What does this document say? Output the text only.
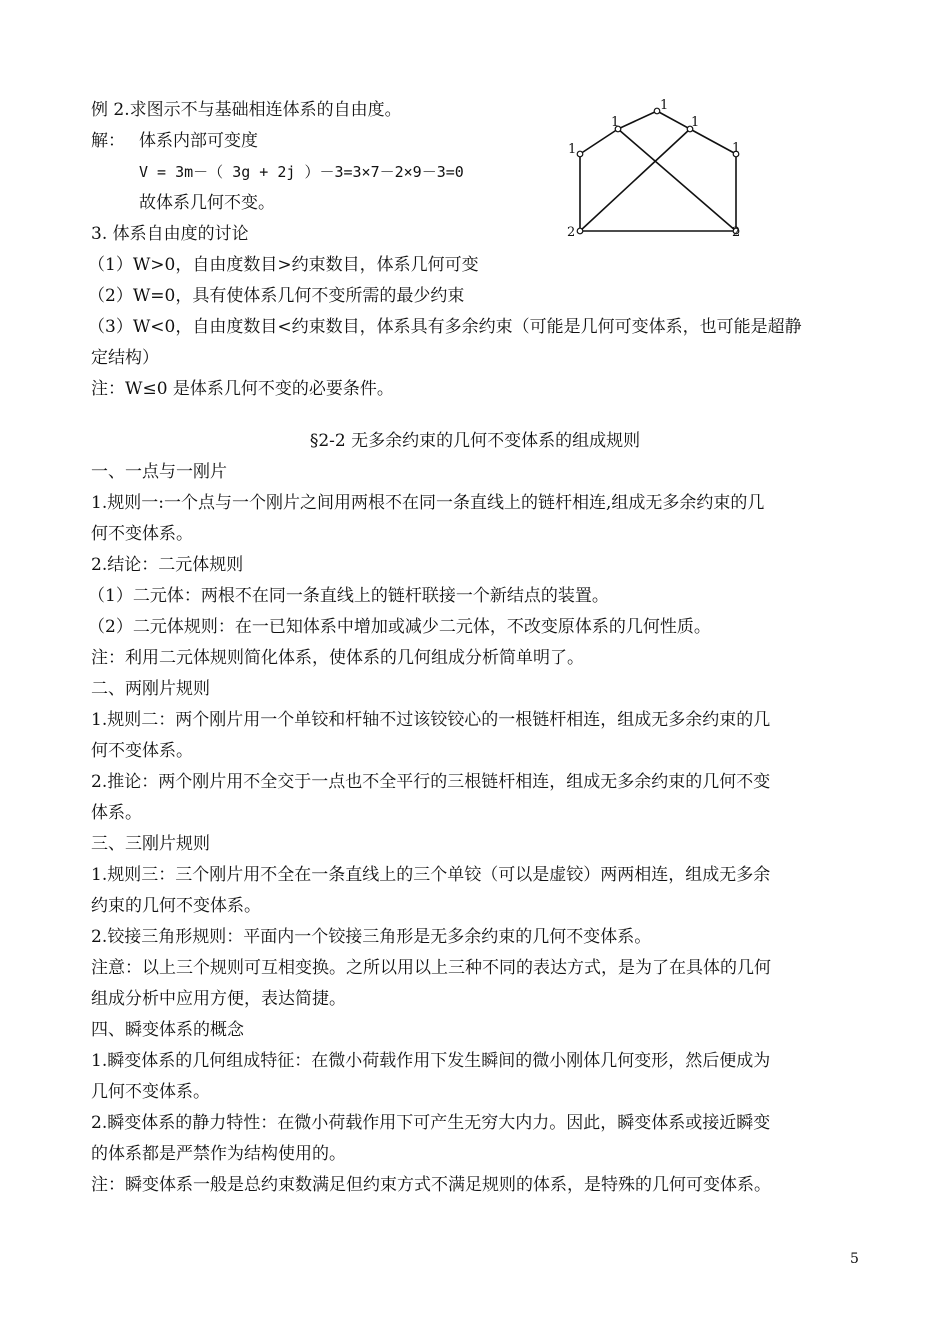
例 2.求图示不与基础相连体系的自由度。
解： 体系内部可变度
V = 3m－（ 3g + 2j ）－3=3×7－2×9－3=0
故体系几何不变。
1
1	1
1	1
2	2
3. 体系自由度的讨论
（1）W>0，自由度数目>约束数目，体系几何可变
（2）W=0，具有使体系几何不变所需的最少约束
（3）W<0，自由度数目<约束数目，体系具有多余约束（可能是几何可变体系，也可能是超静
定结构）
注：W≤0 是体系几何不变的必要条件。
§2-2 无多余约束的几何不变体系的组成规则
一、一点与一刚片
1.规则一:一个点与一个刚片之间用两根不在同一条直线上的链杆相连,组成无多余约束的几
何不变体系。
2.结论：二元体规则
（1）二元体：两根不在同一条直线上的链杆联接一个新结点的装置。
（2）二元体规则：在一已知体系中增加或减少二元体，不改变原体系的几何性质。
注：利用二元体规则简化体系，使体系的几何组成分析简单明了。
二、两刚片规则
1.规则二：两个刚片用一个单铰和杆轴不过该铰铰心的一根链杆相连，组成无多余约束的几
何不变体系。
2.推论：两个刚片用不全交于一点也不全平行的三根链杆相连，组成无多余约束的几何不变
体系。
三、三刚片规则
1.规则三：三个刚片用不全在一条直线上的三个单铰（可以是虚铰）两两相连，组成无多余
约束的几何不变体系。
2.铰接三角形规则：平面内一个铰接三角形是无多余约束的几何不变体系。
注意：以上三个规则可互相变换。之所以用以上三种不同的表达方式，是为了在具体的几何
组成分析中应用方便，表达简捷。
四、瞬变体系的概念
1.瞬变体系的几何组成特征：在微小荷载作用下发生瞬间的微小刚体几何变形，然后便成为
几何不变体系。
2.瞬变体系的静力特性：在微小荷载作用下可产生无穷大内力。因此，瞬变体系或接近瞬变
的体系都是严禁作为结构使用的。
注：瞬变体系一般是总约束数满足但约束方式不满足规则的体系，是特殊的几何可变体系。
5
